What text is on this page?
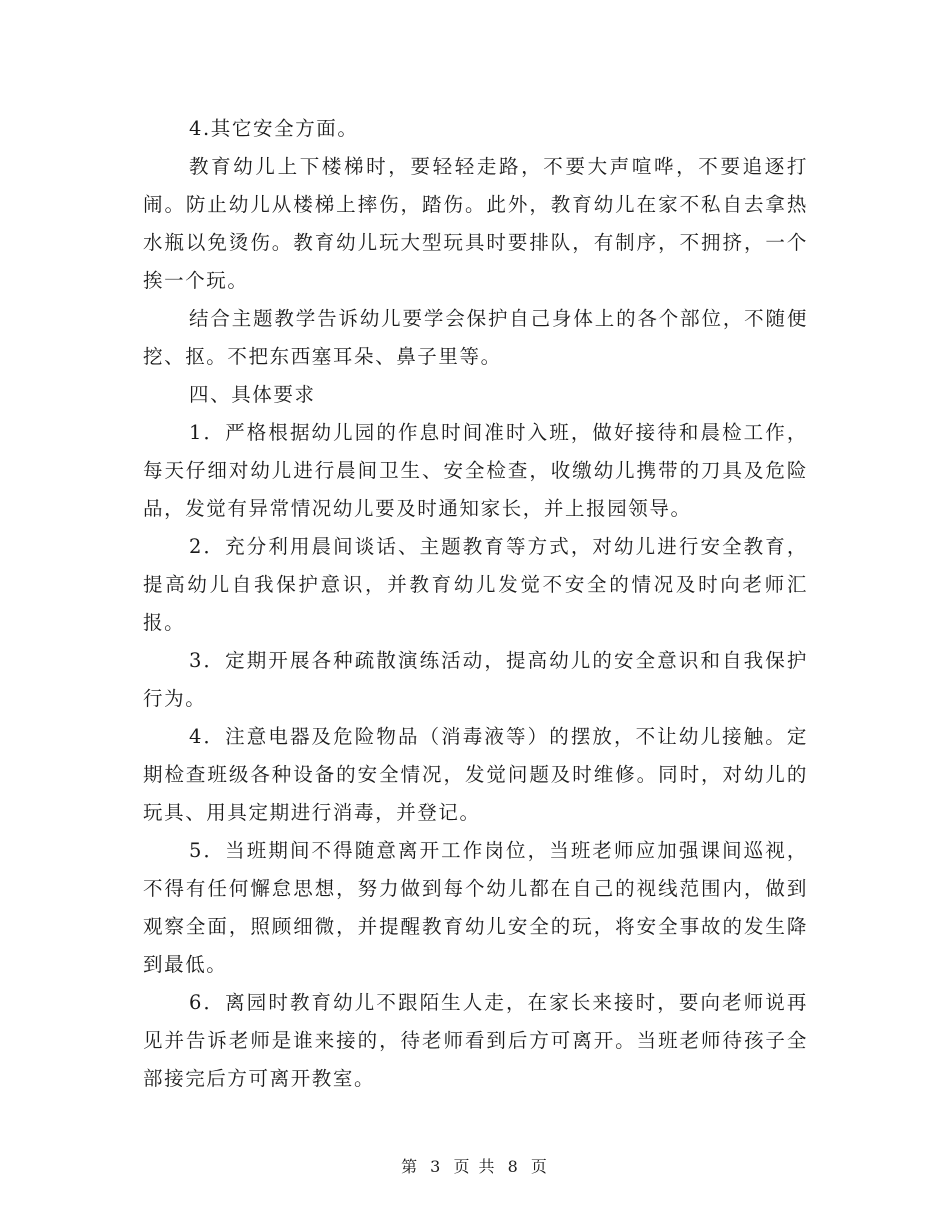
4.其它安全方面。

教育幼儿上下楼梯时，要轻轻走路，不要大声喧哗，不要追逐打闹。防止幼儿从楼梯上摔伤，踏伤。此外，教育幼儿在家不私自去拿热水瓶以免烫伤。教育幼儿玩大型玩具时要排队，有制序，不拥挤，一个挨一个玩。

结合主题教学告诉幼儿要学会保护自己身体上的各个部位，不随便挖、抠。不把东西塞耳朵、鼻子里等。

四、具体要求

1．严格根据幼儿园的作息时间准时入班，做好接待和晨检工作，每天仔细对幼儿进行晨间卫生、安全检查，收缴幼儿携带的刀具及危险品，发觉有异常情况幼儿要及时通知家长，并上报园领导。

2．充分利用晨间谈话、主题教育等方式，对幼儿进行安全教育，提高幼儿自我保护意识，并教育幼儿发觉不安全的情况及时向老师汇报。

3．定期开展各种疏散演练活动，提高幼儿的安全意识和自我保护行为。

4．注意电器及危险物品（消毒液等）的摆放，不让幼儿接触。定期检查班级各种设备的安全情况，发觉问题及时维修。同时，对幼儿的玩具、用具定期进行消毒，并登记。

5．当班期间不得随意离开工作岗位，当班老师应加强课间巡视，不得有任何懈怠思想，努力做到每个幼儿都在自己的视线范围内，做到观察全面，照顾细微，并提醒教育幼儿安全的玩，将安全事故的发生降到最低。

6．离园时教育幼儿不跟陌生人走，在家长来接时，要向老师说再见并告诉老师是谁来接的，待老师看到后方可离开。当班老师待孩子全部接完后方可离开教室。

第 3 页 共 8 页
